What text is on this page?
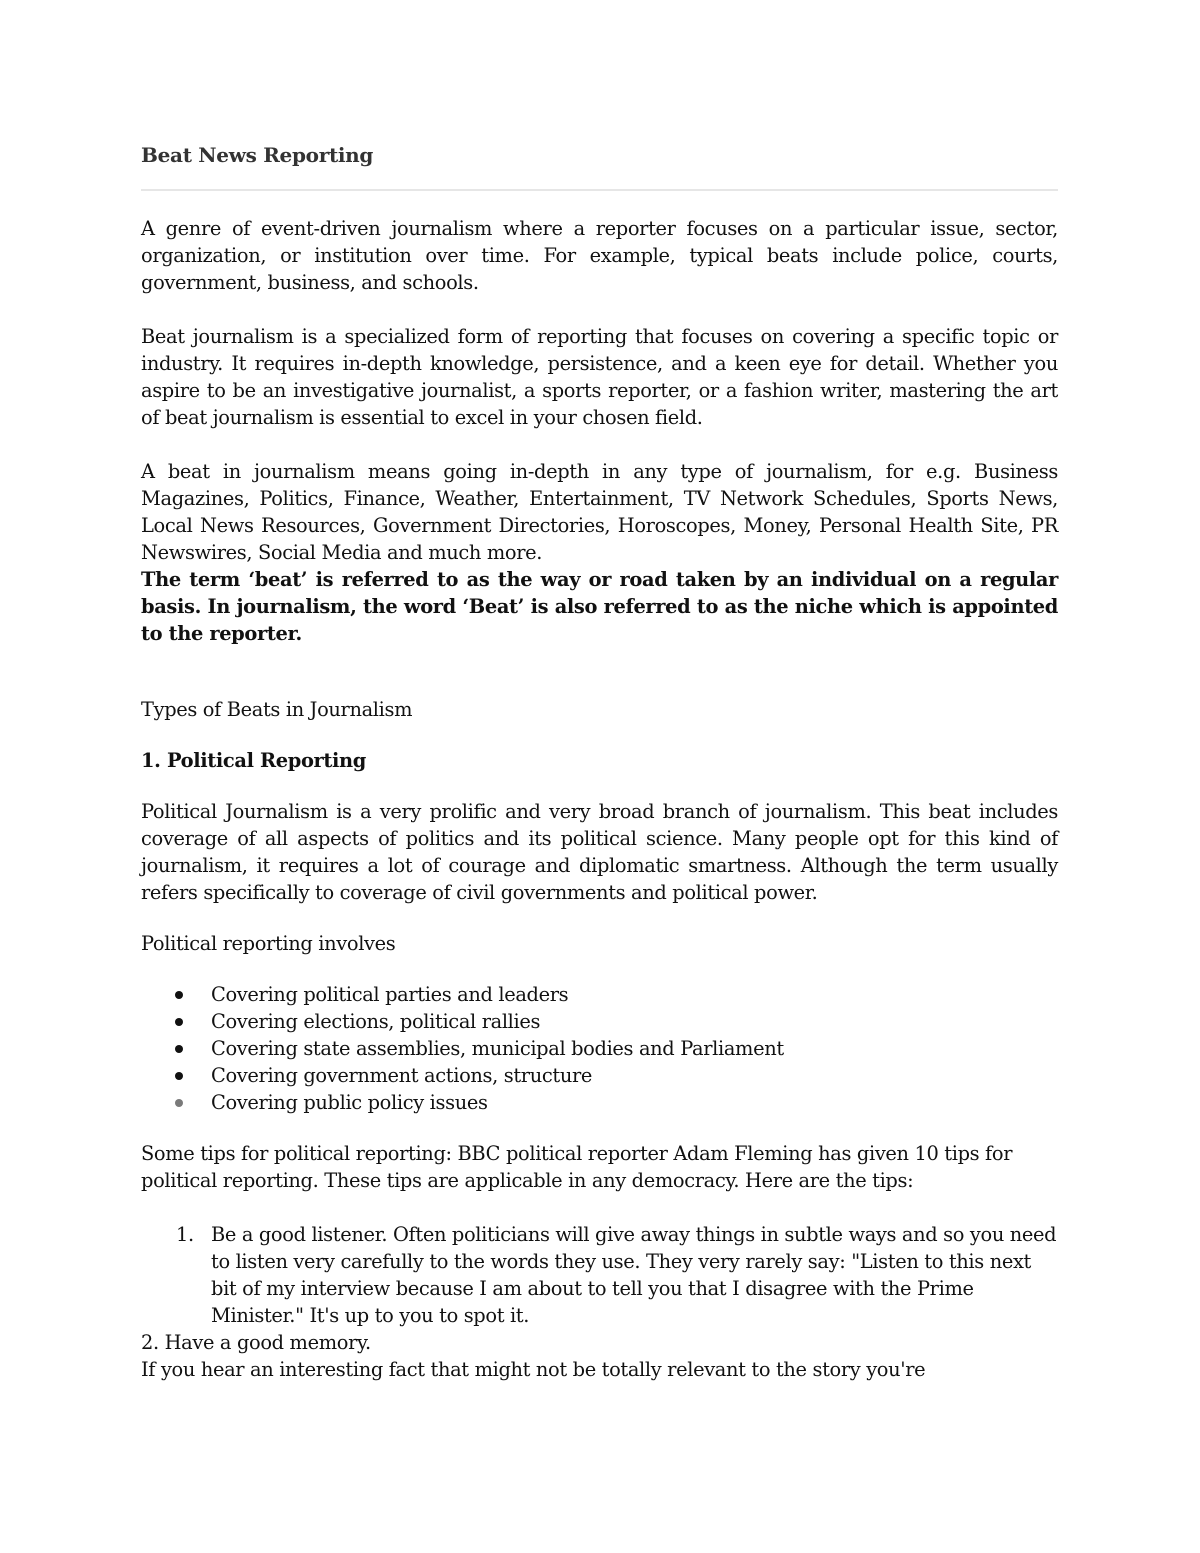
Beat News Reporting

A genre of event-driven journalism where a reporter focuses on a particular issue, sector, organization, or institution over time. For example, typical beats include police, courts, government, business, and schools.

Beat journalism is a specialized form of reporting that focuses on covering a specific topic or industry. It requires in-depth knowledge, persistence, and a keen eye for detail. Whether you aspire to be an investigative journalist, a sports reporter, or a fashion writer, mastering the art of beat journalism is essential to excel in your chosen field.

A beat in journalism means going in-depth in any type of journalism, for e.g. Business Magazines, Politics, Finance, Weather, Entertainment, TV Network Schedules, Sports News, Local News Resources, Government Directories, Horoscopes, Money, Personal Health Site, PR Newswires, Social Media and much more.

The term ‘beat’ is referred to as the way or road taken by an individual on a regular basis. In journalism, the word ‘Beat’ is also referred to as the niche which is appointed to the reporter.

Types of Beats in Journalism
1. Political Reporting

Political Journalism is a very prolific and very broad branch of journalism. This beat includes coverage of all aspects of politics and its political science. Many people opt for this kind of journalism, it requires a lot of courage and diplomatic smartness. Although the term usually refers specifically to coverage of civil governments and political power.

Political reporting involves

Covering political parties and leaders
Covering elections, political rallies
Covering state assemblies, municipal bodies and Parliament
Covering government actions, structure
Covering public policy issues

Some tips for political reporting: BBC political reporter Adam Fleming has given 10 tips for political reporting. These tips are applicable in any democracy. Here are the tips:

1. Be a good listener. Often politicians will give away things in subtle ways and so you need to listen very carefully to the words they use. They very rarely say: "Listen to this next bit of my interview because I am about to tell you that I disagree with the Prime Minister." It's up to you to spot it.

2. Have a good memory.

If you hear an interesting fact that might not be totally relevant to the story you're
